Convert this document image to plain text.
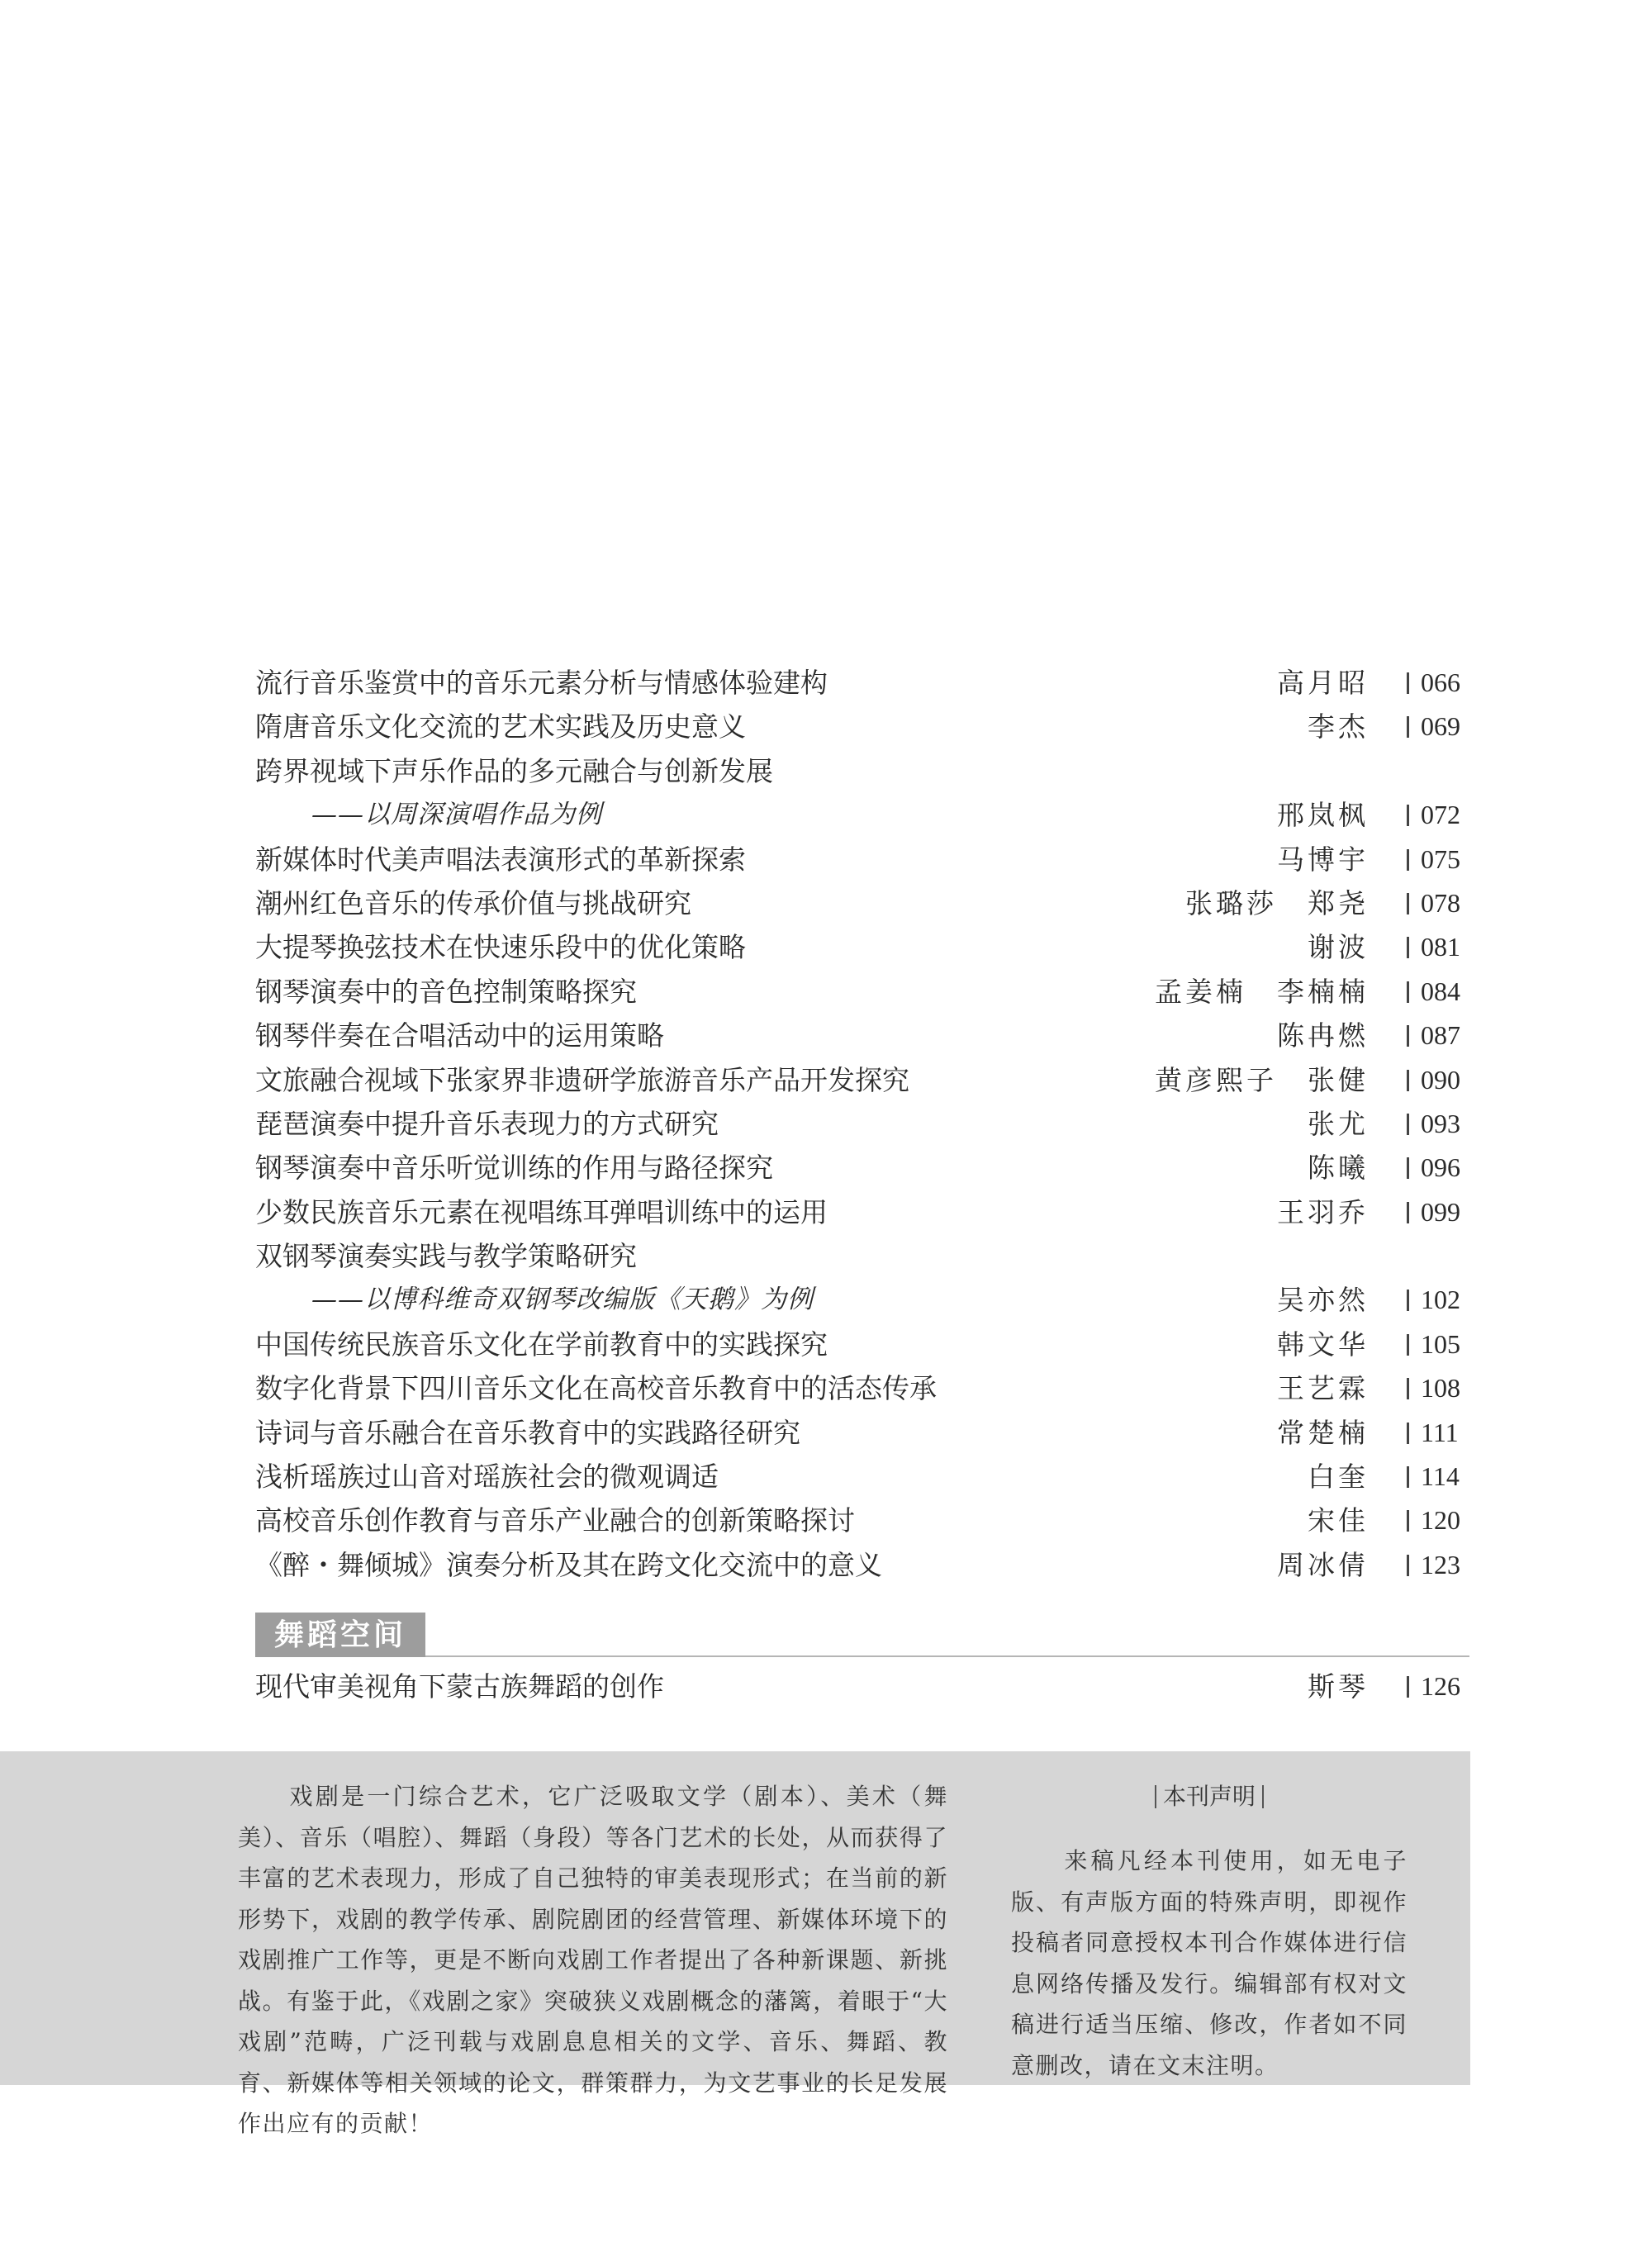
流行音乐鉴赏中的音乐元素分析与情感体验建构	高月昭	066
隋唐音乐文化交流的艺术实践及历史意义	李杰	069
跨界视域下声乐作品的多元融合与创新发展
——以周深演唱作品为例	邢岚枫	072
新媒体时代美声唱法表演形式的革新探索	马博宇	075
潮州红色音乐的传承价值与挑战研究	张璐莎　郑尧	078
大提琴换弦技术在快速乐段中的优化策略	谢波	081
钢琴演奏中的音色控制策略探究	孟姜楠　李楠楠	084
钢琴伴奏在合唱活动中的运用策略	陈冉燃	087
文旅融合视域下张家界非遗研学旅游音乐产品开发探究	黄彦熙子　张健	090
琵琶演奏中提升音乐表现力的方式研究	张尤	093
钢琴演奏中音乐听觉训练的作用与路径探究	陈曦	096
少数民族音乐元素在视唱练耳弹唱训练中的运用	王羽乔	099
双钢琴演奏实践与教学策略研究
——以博科维奇双钢琴改编版《天鹅》为例	吴亦然	102
中国传统民族音乐文化在学前教育中的实践探究	韩文华	105
数字化背景下四川音乐文化在高校音乐教育中的活态传承	王艺霖	108
诗词与音乐融合在音乐教育中的实践路径研究	常楚楠	111
浅析瑶族过山音对瑶族社会的微观调适	白奎	114
高校音乐创作教育与音乐产业融合的创新策略探讨	宋佳	120
《醉・舞倾城》演奏分析及其在跨文化交流中的意义	周冰倩	123
舞蹈空间
现代审美视角下蒙古族舞蹈的创作	斯琴	126
　　戏剧是一门综合艺术，它广泛吸取文学（剧本）、美术（舞美）、音乐（唱腔）、舞蹈（身段）等各门艺术的长处，从而获得了丰富的艺术表现力，形成了自己独特的审美表现形式；在当前的新形势下，戏剧的教学传承、剧院剧团的经营管理、新媒体环境下的戏剧推广工作等，更是不断向戏剧工作者提出了各种新课题、新挑战。有鉴于此，《戏剧之家》突破狭义戏剧概念的藩篱，着眼于“大戏剧”范畴，广泛刊载与戏剧息息相关的文学、音乐、舞蹈、教育、新媒体等相关领域的论文，群策群力，为文艺事业的长足发展作出应有的贡献！
本刊声明
　　来稿凡经本刊使用，如无电子版、有声版方面的特殊声明，即视作投稿者同意授权本刊合作媒体进行信息网络传播及发行。编辑部有权对文稿进行适当压缩、修改，作者如不同意删改，请在文末注明。
